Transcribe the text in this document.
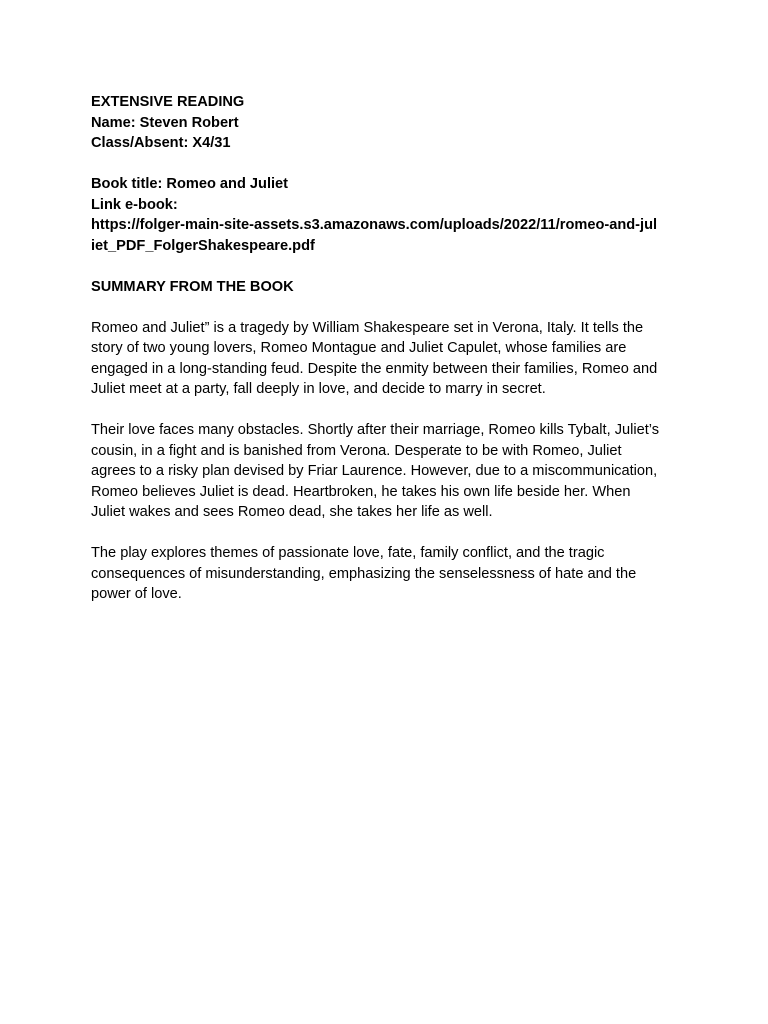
EXTENSIVE READING
Name: Steven Robert
Class/Absent: X4/31
Book title: Romeo and Juliet
Link e-book:
https://folger-main-site-assets.s3.amazonaws.com/uploads/2022/11/romeo-and-jul
iet_PDF_FolgerShakespeare.pdf
SUMMARY FROM THE BOOK
Romeo and Juliet” is a tragedy by William Shakespeare set in Verona, Italy. It tells the
story of two young lovers, Romeo Montague and Juliet Capulet, whose families are
engaged in a long-standing feud. Despite the enmity between their families, Romeo and
Juliet meet at a party, fall deeply in love, and decide to marry in secret.
Their love faces many obstacles. Shortly after their marriage, Romeo kills Tybalt, Juliet’s
cousin, in a fight and is banished from Verona. Desperate to be with Romeo, Juliet
agrees to a risky plan devised by Friar Laurence. However, due to a miscommunication,
Romeo believes Juliet is dead. Heartbroken, he takes his own life beside her. When
Juliet wakes and sees Romeo dead, she takes her life as well.
The play explores themes of passionate love, fate, family conflict, and the tragic
consequences of misunderstanding, emphasizing the senselessness of hate and the
power of love.
